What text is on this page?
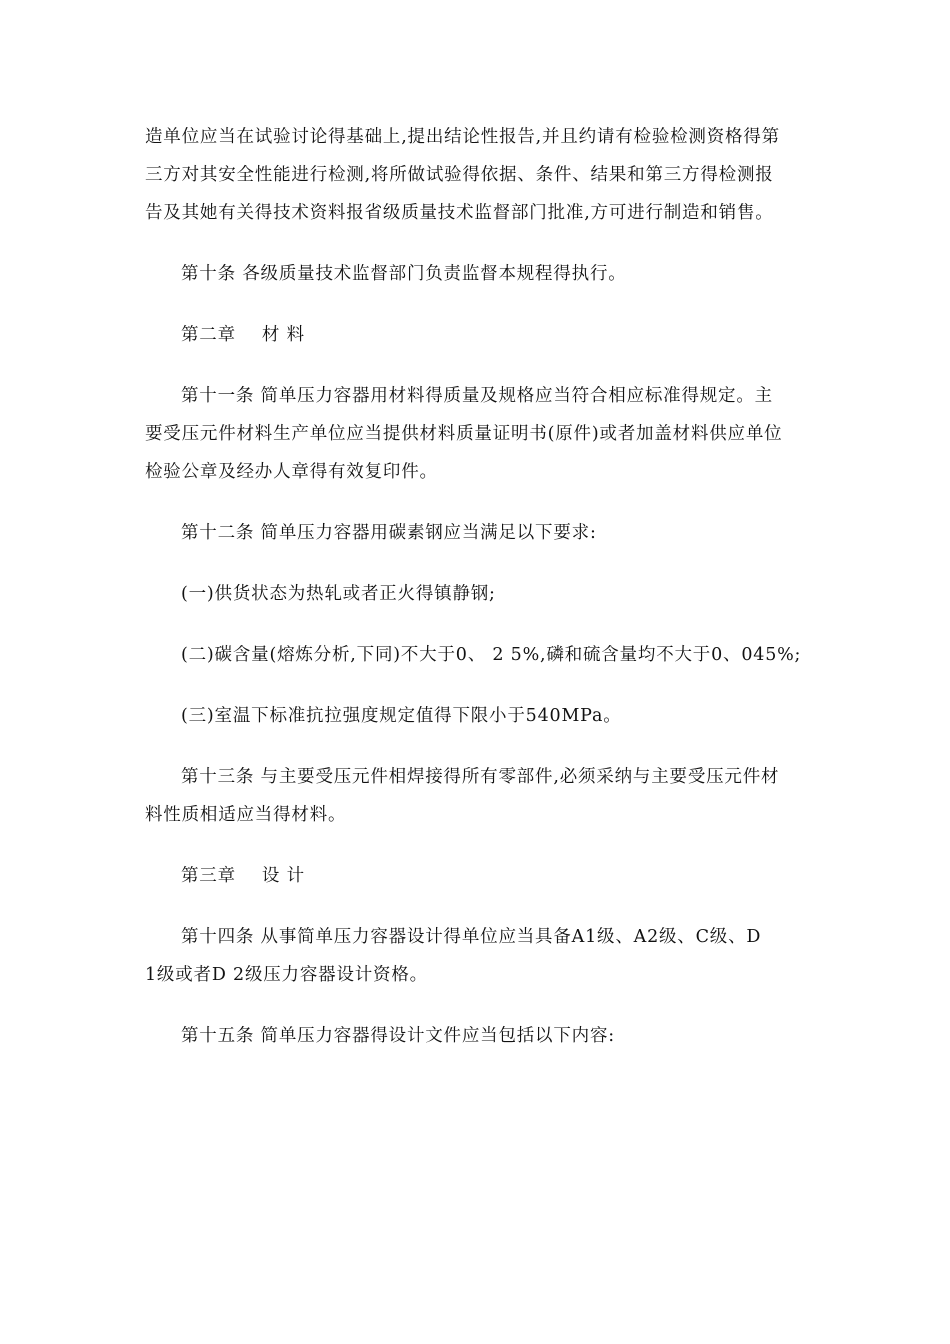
造单位应当在试验讨论得基础上,提出结论性报告,并且约请有检验检测资格得第
三方对其安全性能进行检测,将所做试验得依据、条件、结果和第三方得检测报
告及其她有关得技术资料报省级质量技术监督部门批准,方可进行制造和销售。

第十条 各级质量技术监督部门负责监督本规程得执行。

第二章 材 料

第十一条 简单压力容器用材料得质量及规格应当符合相应标准得规定。主
要受压元件材料生产单位应当提供材料质量证明书(原件)或者加盖材料供应单位
检验公章及经办人章得有效复印件。

第十二条 简单压力容器用碳素钢应当满足以下要求:

(一)供货状态为热轧或者正火得镇静钢;

(二)碳含量(熔炼分析,下同)不大于0、 2 5%,磷和硫含量均不大于0、045%;

(三)室温下标准抗拉强度规定值得下限小于540MPa。

第十三条 与主要受压元件相焊接得所有零部件,必须采纳与主要受压元件材
料性质相适应当得材料。

第三章 设 计

第十四条 从事简单压力容器设计得单位应当具备A1级、A2级、C级、D
1级或者D 2级压力容器设计资格。

第十五条 简单压力容器得设计文件应当包括以下内容:
